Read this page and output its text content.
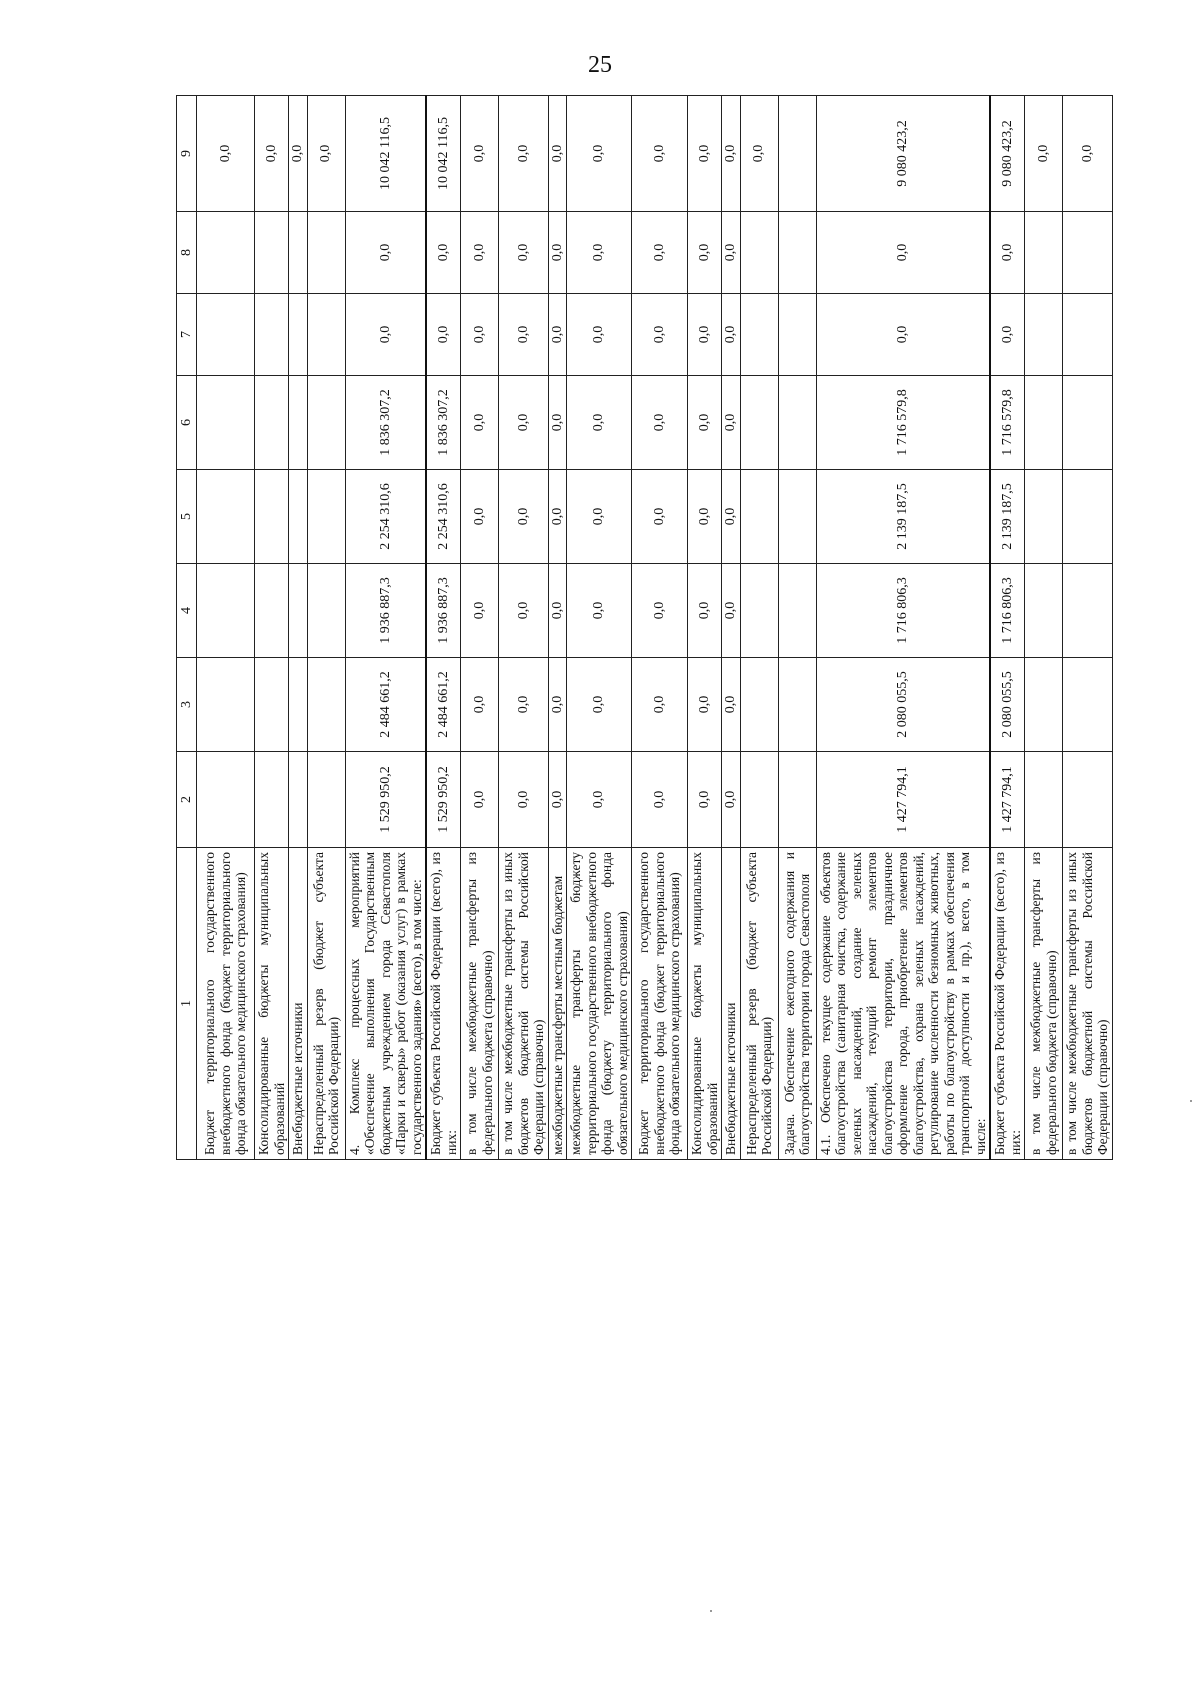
25
1	2	3	4	5	6	7	8	9
Бюджет территориального государственного внебюджетного фонда (бюджет территориального фонда обязательного медицинского страхования)								0,0
Консолидированные бюджеты муниципальных образований								0,0
Внебюджетные источники								0,0
Нераспределенный резерв (бюджет субъекта Российской Федерации)								0,0
4. Комплекс процессных мероприятий «Обеспечение выполнения Государственным бюджетным учреждением города Севастополя «Парки и скверы» работ (оказания услуг) в рамках государственного задания» (всего), в том числе:	1 529 950,2	2 484 661,2	1 936 887,3	2 254 310,6	1 836 307,2	0,0	0,0	10 042 116,5
Бюджет субъекта Российской Федерации (всего), из них:	1 529 950,2	2 484 661,2	1 936 887,3	2 254 310,6	1 836 307,2	0,0	0,0	10 042 116,5
в том числе межбюджетные трансферты из федерального бюджета (справочно)	0,0	0,0	0,0	0,0	0,0	0,0	0,0	0,0
в том числе межбюджетные трансферты из иных бюджетов бюджетной системы Российской Федерации (справочно)	0,0	0,0	0,0	0,0	0,0	0,0	0,0	0,0
межбюджетные трансферты местным бюджетам	0,0	0,0	0,0	0,0	0,0	0,0	0,0	0,0
межбюджетные трансферты бюджету территориального государственного внебюджетного фонда (бюджету территориального фонда обязательного медицинского страхования)	0,0	0,0	0,0	0,0	0,0	0,0	0,0	0,0
Бюджет территориального государственного внебюджетного фонда (бюджет территориального фонда обязательного медицинского страхования)	0,0	0,0	0,0	0,0	0,0	0,0	0,0	0,0
Консолидированные бюджеты муниципальных образований	0,0	0,0	0,0	0,0	0,0	0,0	0,0	0,0
Внебюджетные источники	0,0	0,0	0,0	0,0	0,0	0,0	0,0	0,0
Нераспределенный резерв (бюджет субъекта Российской Федерации)								0,0
Задача. Обеспечение ежегодного содержания и благоустройства территории города Севастополя								
4.1. Обеспечено текущее содержание объектов благоустройства (санитарная очистка, содержание зеленых насаждений, создание зеленых насаждений, текущий ремонт элементов благоустройства территории, праздничное оформление города, приобретение элементов благоустройства, охрана зеленых насаждений, регулирование численности безномных животных, работы по благоустройству в рамках обеспечения транспортной доступности и пр.), всего, в том числе:	1 427 794,1	2 080 055,5	1 716 806,3	2 139 187,5	1 716 579,8	0,0	0,0	9 080 423,2
Бюджет субъекта Российской Федерации (всего), из них:	1 427 794,1	2 080 055,5	1 716 806,3	2 139 187,5	1 716 579,8	0,0	0,0	9 080 423,2
в том числе межбюджетные трансферты из федерального бюджета (справочно)								0,0
в том числе межбюджетные трансферты из иных бюджетов бюджетной системы Российской Федерации (справочно)								0,0
